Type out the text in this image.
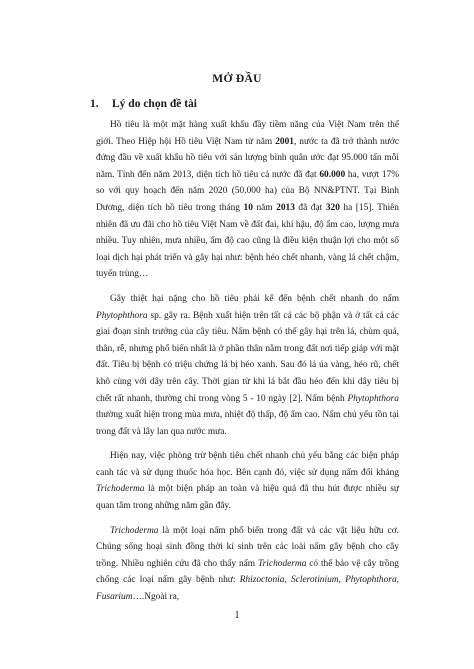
MỞ ĐẦU
1. Lý do chọn đề tài

Hồ tiêu là một mặt hàng xuất khẩu đầy tiềm năng của Việt Nam trên thế giới. Theo Hiệp hội Hồ tiêu Việt Nam từ năm 2001, nước ta đã trở thành nước đứng đầu về xuất khẩu hồ tiêu với sản lượng bình quân ước đạt 95.000 tấn mỗi năm. Tính đến năm 2013, diện tích hồ tiêu cả nước đã đạt 60.000 ha, vượt 17% so với quy hoạch đến năm 2020 (50.000 ha) của Bộ NN&PTNT. Tại Bình Dương, diện tích hồ tiêu trong tháng 10 năm 2013 đã đạt 320 ha [15]. Thiên nhiên đã ưu đãi cho hồ tiêu Việt Nam về đất đai, khí hậu, độ ẩm cao, lượng mưa nhiều. Tuy nhiên, mưa nhiều, ẩm độ cao cũng là điều kiện thuận lợi cho một số loại dịch hại phát triển và gây hại như: bệnh héo chết nhanh, vàng lá chết chậm, tuyến trùng…

Gây thiệt hại nặng cho hồ tiêu phải kể đến bệnh chết nhanh do nấm Phytophthora sp. gây ra. Bệnh xuất hiện trên tất cả các bộ phận và ở tất cả các giai đoạn sinh trưởng của cây tiêu. Nấm bệnh có thể gây hại trên lá, chùm quả, thân, rễ, nhưng phổ biến nhất là ở phần thân nằm trong đất nơi tiếp giáp với mặt đất. Tiêu bị bệnh có triệu chứng lá bị héo xanh. Sau đó lá úa vàng, héo rũ, chết khô cùng với dây trên cây. Thời gian từ khi lá bắt đầu héo đến khi dây tiêu bị chết rất nhanh, thường chỉ trong vòng 5 - 10 ngày [2]. Nấm bệnh Phytophthora thường xuất hiện trong mùa mưa, nhiệt độ thấp, độ ẩm cao. Nấm chủ yếu tồn tại trong đất và lây lan qua nước mưa.

Hiện nay, việc phòng trừ bệnh tiêu chết nhanh chủ yếu bằng các biện pháp canh tác và sử dụng thuốc hóa học. Bên cạnh đó, việc sử dụng nấm đối kháng Trichoderma là một biện pháp an toàn và hiệu quả đã thu hút được nhiều sự quan tâm trong những năm gần đây.

Trichoderma là một loại nấm phổ biến trong đất và các vật liệu hữu cơ. Chúng sống hoại sinh đồng thời kí sinh trên các loài nấm gây bệnh cho cây trồng. Nhiều nghiên cứu đã cho thấy nấm Trichoderma có thể bảo vệ cây trồng chống các loại nấm gây bệnh như: Rhizoctonia, Sclerotinium, Phytophthora, Fusarium….Ngoài ra,

1
